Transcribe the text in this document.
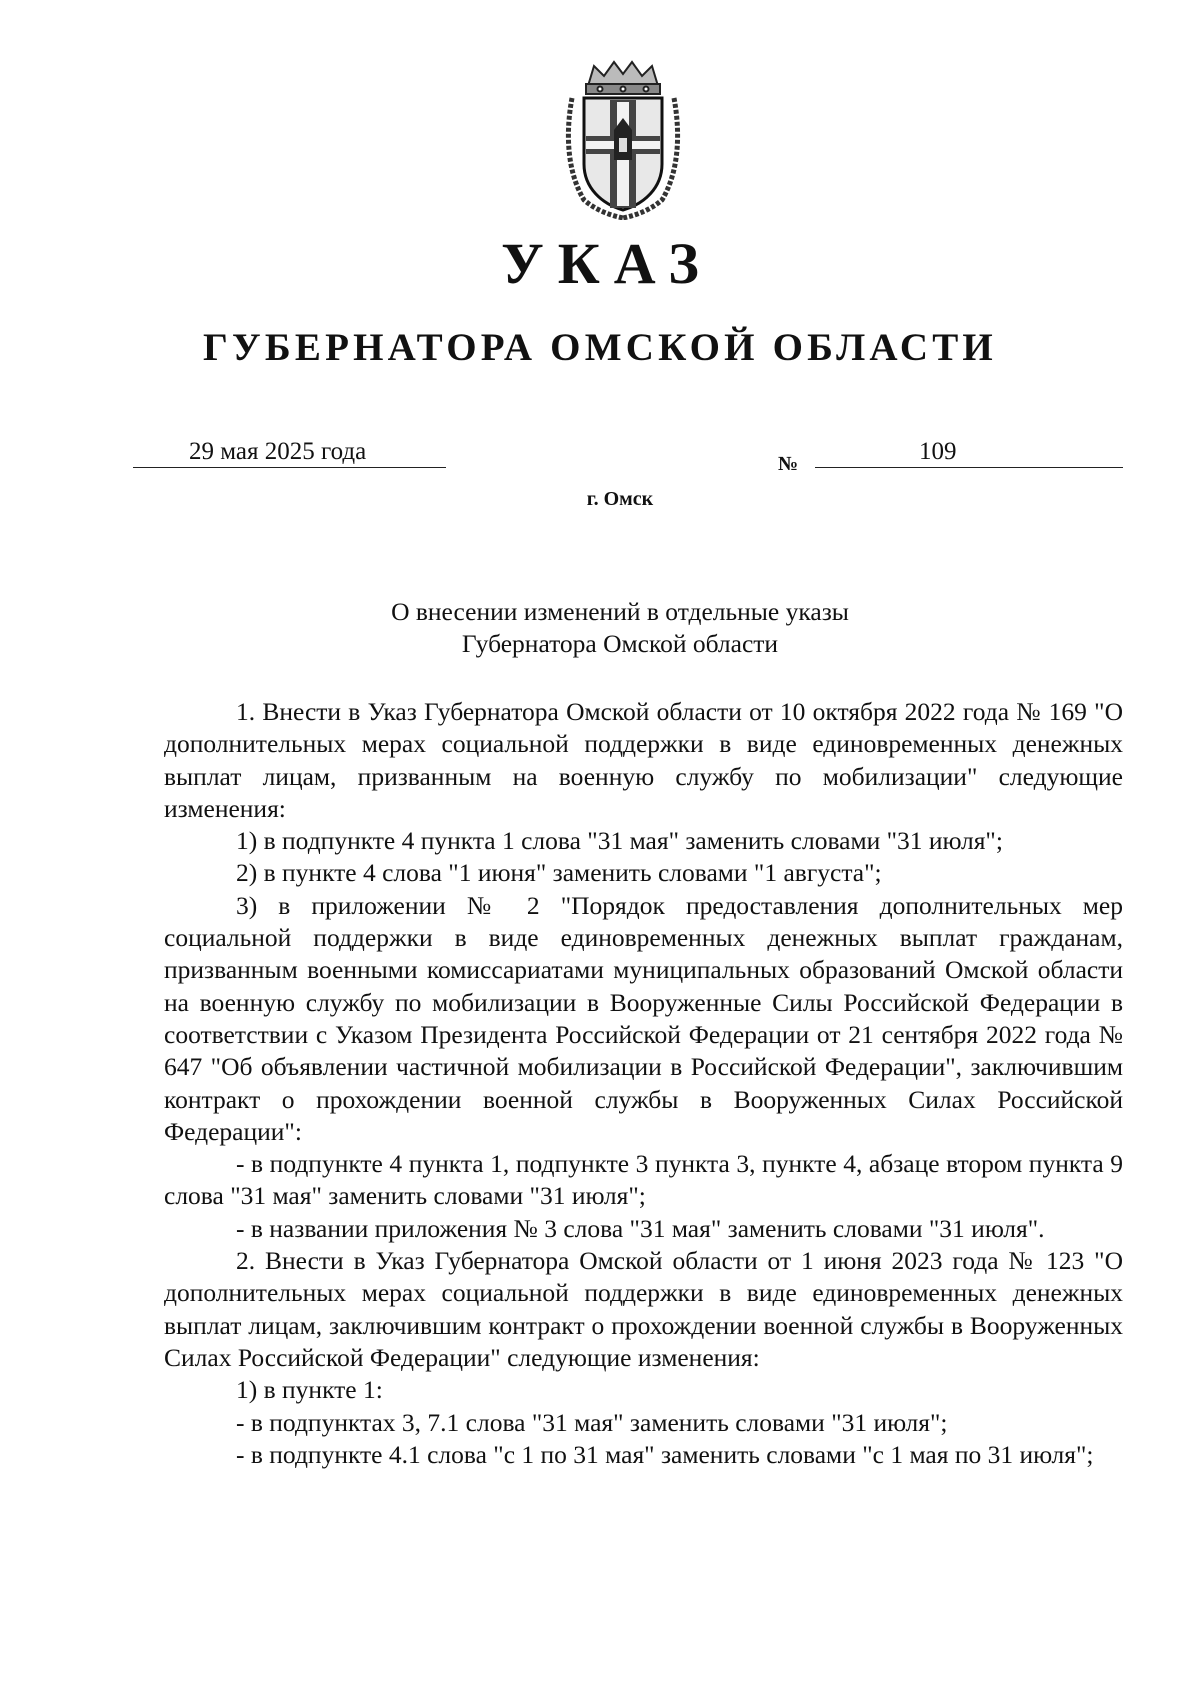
УКАЗ
ГУБЕРНАТОРА ОМСКОЙ ОБЛАСТИ
29 мая 2025 года	№	109
г. Омск
О внесении изменений в отдельные указы
Губернатора Омской области

1. Внести в Указ Губернатора Омской области от 10 октября 2022 года № 169 "О дополнительных мерах социальной поддержки в виде единовременных денежных выплат лицам, призванным на военную службу по мобилизации" следующие изменения:

1) в подпункте 4 пункта 1 слова "31 мая" заменить словами "31 июля";

2) в пункте 4 слова "1 июня" заменить словами "1 августа";

3) в приложении № 2 "Порядок предоставления дополнительных мер социальной поддержки в виде единовременных денежных выплат гражданам, призванным военными комиссариатами муниципальных образований Омской области на военную службу по мобилизации в Вооруженные Силы Российской Федерации в соответствии с Указом Президента Российской Федерации от 21 сентября 2022 года № 647 "Об объявлении частичной мобилизации в Российской Федерации", заключившим контракт о прохождении военной службы в Вооруженных Силах Российской Федерации":

- в подпункте 4 пункта 1, подпункте 3 пункта 3, пункте 4, абзаце втором пункта 9 слова "31 мая" заменить словами "31 июля";

- в названии приложения № 3 слова "31 мая" заменить словами "31 июля".

2. Внести в Указ Губернатора Омской области от 1 июня 2023 года № 123 "О дополнительных мерах социальной поддержки в виде единовременных денежных выплат лицам, заключившим контракт о прохождении военной службы в Вооруженных Силах Российской Федерации" следующие изменения:

1) в пункте 1:

- в подпунктах 3, 7.1 слова "31 мая" заменить словами "31 июля";

- в подпункте 4.1 слова "с 1 по 31 мая" заменить словами "с 1 мая по 31 июля";
